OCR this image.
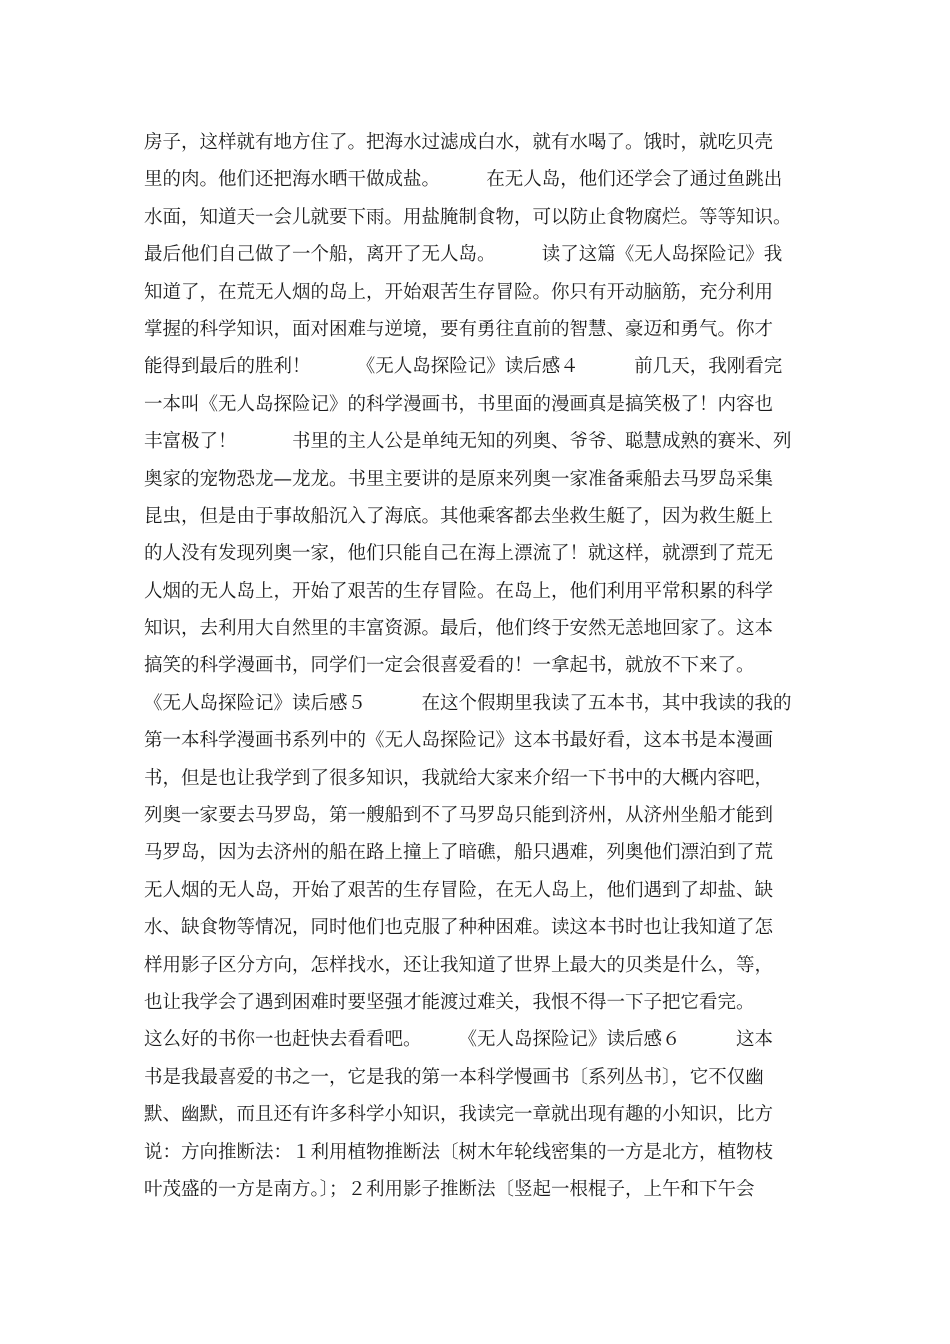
房子，这样就有地方住了。把海水过滤成白水，就有水喝了。饿时，就吃贝壳
里的肉。他们还把海水晒干做成盐。　　　在无人岛，他们还学会了通过鱼跳出
水面，知道天一会儿就要下雨。用盐腌制食物，可以防止食物腐烂。等等知识。
最后他们自己做了一个船，离开了无人岛。　　　读了这篇《无人岛探险记》我
知道了，在荒无人烟的岛上，开始艰苦生存冒险。你只有开动脑筋，充分利用
掌握的科学知识，面对困难与逆境，要有勇往直前的智慧、豪迈和勇气。你才
能得到最后的胜利！　　　《无人岛探险记》读后感４　　　前几天，我刚看完
一本叫《无人岛探险记》的科学漫画书，书里面的漫画真是搞笑极了！内容也
丰富极了！　　　书里的主人公是单纯无知的列奥、爷爷、聪慧成熟的赛米、列
奥家的宠物恐龙—龙龙。书里主要讲的是原来列奥一家准备乘船去马罗岛采集
昆虫，但是由于事故船沉入了海底。其他乘客都去坐救生艇了，因为救生艇上
的人没有发现列奥一家，他们只能自己在海上漂流了！就这样，就漂到了荒无
人烟的无人岛上，开始了艰苦的生存冒险。在岛上，他们利用平常积累的科学
知识，去利用大自然里的丰富资源。最后，他们终于安然无恙地回家了。这本
搞笑的科学漫画书，同学们一定会很喜爱看的！一拿起书，就放不下来了。
《无人岛探险记》读后感５　　　在这个假期里我读了五本书，其中我读的我的
第一本科学漫画书系列中的《无人岛探险记》这本书最好看，这本书是本漫画
书，但是也让我学到了很多知识，我就给大家来介绍一下书中的大概内容吧，
列奥一家要去马罗岛，第一艘船到不了马罗岛只能到济州，从济州坐船才能到
马罗岛，因为去济州的船在路上撞上了暗礁，船只遇难，列奥他们漂泊到了荒
无人烟的无人岛，开始了艰苦的生存冒险，在无人岛上，他们遇到了却盐、缺
水、缺食物等情况，同时他们也克服了种种困难。读这本书时也让我知道了怎
样用影子区分方向，怎样找水，还让我知道了世界上最大的贝类是什么，等，
也让我学会了遇到困难时要坚强才能渡过难关，我恨不得一下子把它看完。
这么好的书你一也赶快去看看吧。　　　《无人岛探险记》读后感６　　　这本
书是我最喜爱的书之一，它是我的第一本科学慢画书〔系列丛书〕，它不仅幽
默、幽默，而且还有许多科学小知识，我读完一章就出现有趣的小知识，比方
说：方向推断法：１利用植物推断法〔树木年轮线密集的一方是北方，植物枝
叶茂盛的一方是南方。〕；２利用影子推断法〔竖起一根棍子，上午和下午会
